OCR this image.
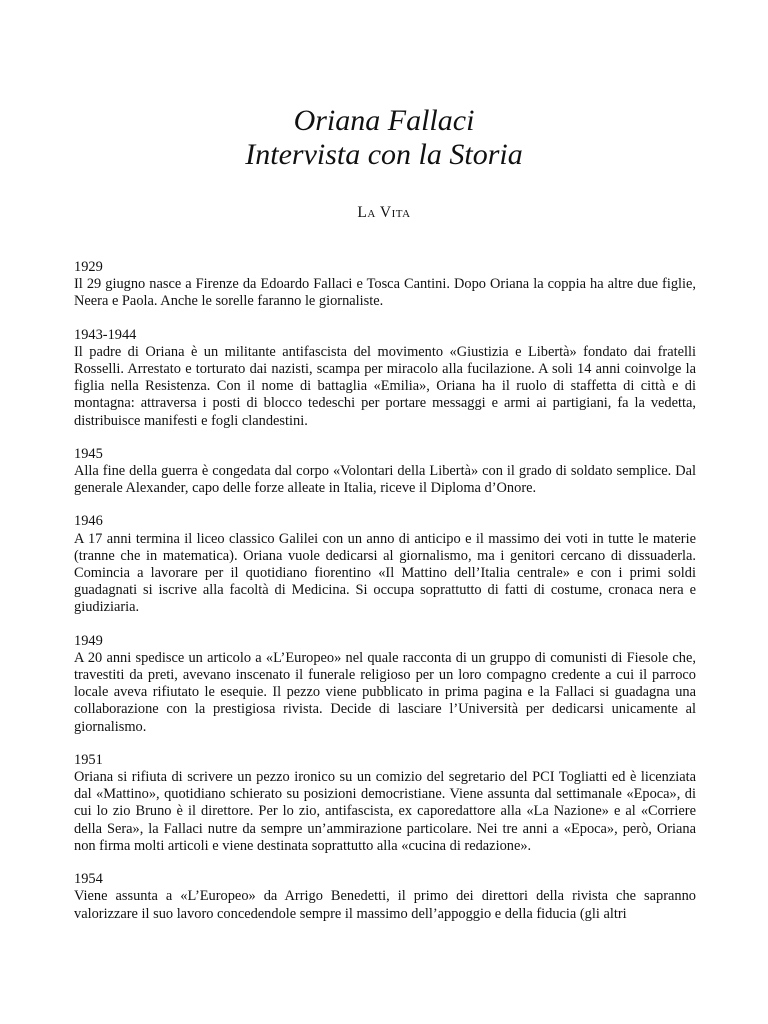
Oriana Fallaci
Intervista con la Storia
La Vita
1929
Il 29 giugno nasce a Firenze da Edoardo Fallaci e Tosca Cantini. Dopo Oriana la coppia ha altre due figlie, Neera e Paola. Anche le sorelle faranno le giornaliste.
1943-1944
Il padre di Oriana è un militante antifascista del movimento «Giustizia e Libertà» fondato dai fratelli Rosselli. Arrestato e torturato dai nazisti, scampa per miracolo alla fucilazione. A soli 14 anni coinvolge la figlia nella Resistenza. Con il nome di battaglia «Emilia», Oriana ha il ruolo di staffetta di città e di montagna: attraversa i posti di blocco tedeschi per portare messaggi e armi ai partigiani, fa la vedetta, distribuisce manifesti e fogli clandestini.
1945
Alla fine della guerra è congedata dal corpo «Volontari della Libertà» con il grado di soldato semplice. Dal generale Alexander, capo delle forze alleate in Italia, riceve il Diploma d’Onore.
1946
A 17 anni termina il liceo classico Galilei con un anno di anticipo e il massimo dei voti in tutte le materie (tranne che in matematica). Oriana vuole dedicarsi al giornalismo, ma i genitori cercano di dissuaderla. Comincia a lavorare per il quotidiano fiorentino «Il Mattino dell’Italia centrale» e con i primi soldi guadagnati si iscrive alla facoltà di Medicina. Si occupa soprattutto di fatti di costume, cronaca nera e giudiziaria.
1949
A 20 anni spedisce un articolo a «L’Europeo» nel quale racconta di un gruppo di comunisti di Fiesole che, travestiti da preti, avevano inscenato il funerale religioso per un loro compagno credente a cui il parroco locale aveva rifiutato le esequie. Il pezzo viene pubblicato in prima pagina e la Fallaci si guadagna una collaborazione con la prestigiosa rivista. Decide di lasciare l’Università per dedicarsi unicamente al giornalismo.
1951
Oriana si rifiuta di scrivere un pezzo ironico su un comizio del segretario del PCI Togliatti ed è licenziata dal «Mattino», quotidiano schierato su posizioni democristiane. Viene assunta dal settimanale «Epoca», di cui lo zio Bruno è il direttore. Per lo zio, antifascista, ex caporedattore alla «La Nazione» e al «Corriere della Sera», la Fallaci nutre da sempre un’ammirazione particolare. Nei tre anni a «Epoca», però, Oriana non firma molti articoli e viene destinata soprattutto alla «cucina di redazione».
1954
Viene assunta a «L’Europeo» da Arrigo Benedetti, il primo dei direttori della rivista che sapranno valorizzare il suo lavoro concedendole sempre il massimo dell’appoggio e della fiducia (gli altri
